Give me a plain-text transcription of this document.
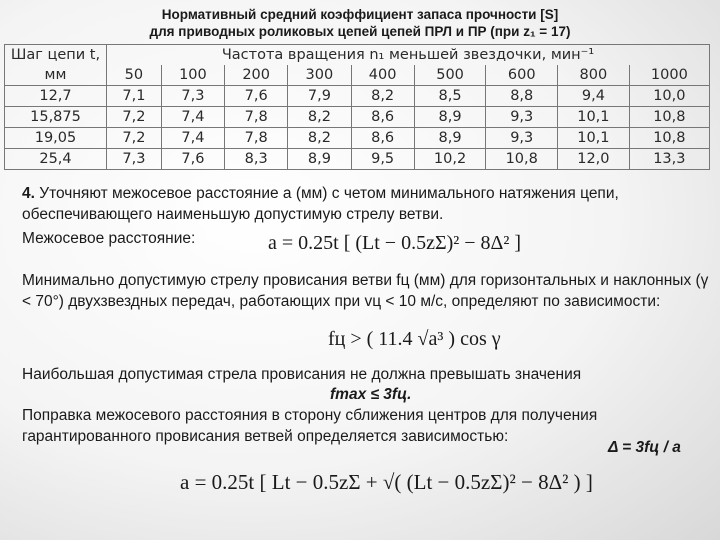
Нормативный средний коэффициент запаса прочности [S]
для приводных роликовых цепей цепей ПРЛ и ПР (при z₁ = 17)
Шаг цепи t,	Частота вращения n₁ меньшей звездочки, мин⁻¹								
мм	50	100	200	300	400	500	600	800	1000
12,7	7,1	7,3	7,6	7,9	8,2	8,5	8,8	9,4	10,0
15,875	7,2	7,4	7,8	8,2	8,6	8,9	9,3	10,1	10,8
19,05	7,2	7,4	7,8	8,2	8,6	8,9	9,3	10,1	10,8
25,4	7,3	7,6	8,3	8,9	9,5	10,2	10,8	12,0	13,3
4. Уточняют межосевое расстояние a (мм) с четом минимального натяжения цепи, обеспечивающего наименьшую допустимую стрелу ветви.
Межосевое расстояние:	a = 0.25t [ (Lt − 0.5zΣ)² − 8Δ² ]
Минимально допустимую стрелу провисания ветви fц (мм) для горизонтальных и наклонных (γ < 70°) двухзвездных передач, работающих при vц < 10 м/с, определяют по зависимости:
fц > ( 11.4 √a³ ) cos γ
Наибольшая допустимая стрела провисания не должна превышать значения
fmax ≤ 3fц.
Поправка межосевого расстояния в сторону сближения центров для получения гарантированного провисания ветвей определяется зависимостью:
Δ = 3fц / a
a = 0.25t [ Lt − 0.5zΣ + √( (Lt − 0.5zΣ)² − 8Δ² ) ]
